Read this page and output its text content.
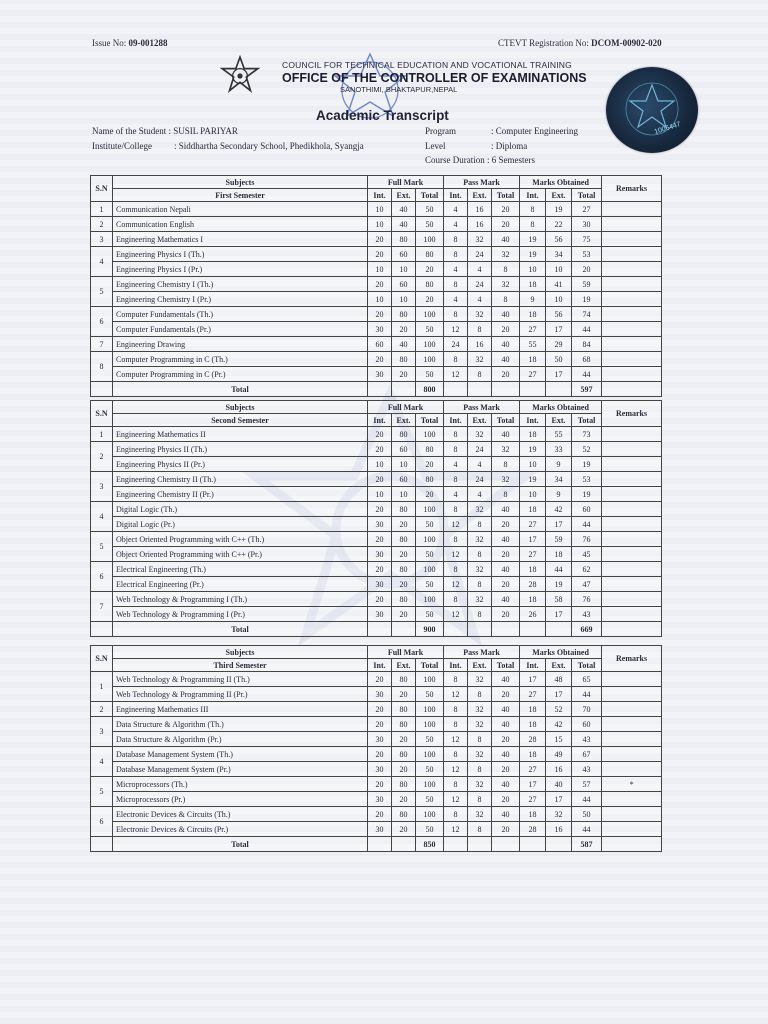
Issue No: 09-001288	CTEVT Registration No: DCOM-00902-020
COUNCIL FOR TECHNICAL EDUCATION AND VOCATIONAL TRAINING
OFFICE OF THE CONTROLLER OF EXAMINATIONS
SANOTHIMI, BHAKTAPUR,NEPAL
Academic Transcript
1006447
Name of the Student : SUSIL PARIYAR
Institute/College : Siddhartha Secondary School, Phedikhola, Syangja
Program	: Computer Engineering
Level	: Diploma
Course Duration : 6 Semesters
S.N	Subjects	Full Mark			Pass Mark			Marks Obtained			Remarks
	First Semester	Int.	Ext.	Total	Int.	Ext.	Total	Int.	Ext.	Total	
1	Communication Nepali	10	40	50	4	16	20	8	19	27	
2	Communication English	10	40	50	4	16	20	8	22	30	
3	Engineering Mathematics I	20	80	100	8	32	40	19	56	75	
4	Engineering Physics I (Th.)	20	60	80	8	24	32	19	34	53	
	Engineering Physics I (Pr.)	10	10	20	4	4	8	10	10	20	
5	Engineering Chemistry I (Th.)	20	60	80	8	24	32	18	41	59	
	Engineering Chemistry I (Pr.)	10	10	20	4	4	8	9	10	19	
6	Computer Fundamentals (Th.)	20	80	100	8	32	40	18	56	74	
	Computer Fundamentals (Pr.)	30	20	50	12	8	20	27	17	44	
7	Engineering Drawing	60	40	100	24	16	40	55	29	84	
8	Computer Programming in C (Th.)	20	80	100	8	32	40	18	50	68	
	Computer Programming in C (Pr.)	30	20	50	12	8	20	27	17	44	
	Total			800						597	
S.N	Subjects	Full Mark			Pass Mark			Marks Obtained			Remarks
	Second Semester	Int.	Ext.	Total	Int.	Ext.	Total	Int.	Ext.	Total	
1	Engineering Mathematics II	20	80	100	8	32	40	18	55	73	
2	Engineering Physics II (Th.)	20	60	80	8	24	32	19	33	52	
	Engineering Physics II (Pr.)	10	10	20	4	4	8	10	9	19	
3	Engineering Chemistry II (Th.)	20	60	80	8	24	32	19	34	53	
	Engineering Chemistry II (Pr.)	10	10	20	4	4	8	10	9	19	
4	Digital Logic (Th.)	20	80	100	8	32	40	18	42	60	
	Digital Logic (Pr.)	30	20	50	12	8	20	27	17	44	
5	Object Oriented Programming with C++ (Th.)	20	80	100	8	32	40	17	59	76	
	Object Oriented Programming with C++ (Pr.)	30	20	50	12	8	20	27	18	45	
6	Electrical Engineering (Th.)	20	80	100	8	32	40	18	44	62	
	Electrical Engineering (Pr.)	30	20	50	12	8	20	28	19	47	
7	Web Technology & Programming I (Th.)	20	80	100	8	32	40	18	58	76	
	Web Technology & Programming I (Pr.)	30	20	50	12	8	20	26	17	43	
	Total			900						669	
S.N	Subjects	Full Mark			Pass Mark			Marks Obtained			Remarks
	Third Semester	Int.	Ext.	Total	Int.	Ext.	Total	Int.	Ext.	Total	
1	Web Technology & Programming II (Th.)	20	80	100	8	32	40	17	48	65	
	Web Technology & Programming II (Pr.)	30	20	50	12	8	20	27	17	44	
2	Engineering Mathematics III	20	80	100	8	32	40	18	52	70	
3	Data Structure & Algorithm (Th.)	20	80	100	8	32	40	18	42	60	
	Data Structure & Algorithm (Pr.)	30	20	50	12	8	20	28	15	43	
4	Database Management System (Th.)	20	80	100	8	32	40	18	49	67	
	Database Management System (Pr.)	30	20	50	12	8	20	27	16	43	
5	Microprocessors (Th.)	20	80	100	8	32	40	17	40	57	*
	Microprocessors (Pr.)	30	20	50	12	8	20	27	17	44	
6	Electronic Devices & Circuits (Th.)	20	80	100	8	32	40	18	32	50	
	Electronic Devices & Circuits (Pr.)	30	20	50	12	8	20	28	16	44	
	Total			850						587	
